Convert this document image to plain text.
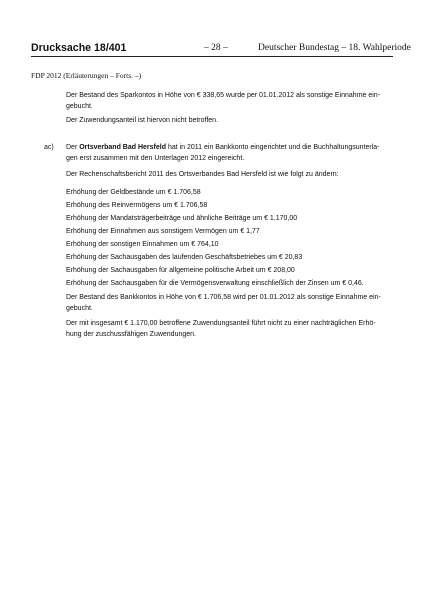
Drucksache 18/401	– 28 –	Deutscher Bundestag – 18. Wahlperiode
FDP 2012 (Erläuterungen – Forts. –)
Der Bestand des Sparkontos in Höhe von € 338,65 wurde per 01.01.2012 als sonstige Einnahme ein-
gebucht.
Der Zuwendungsanteil ist hiervon nicht betroffen.
ac) Der Ortsverband Bad Hersfeld hat in 2011 ein Bankkonto eingerichtet und die Buchhaltungsunterla-
gen erst zusammen mit den Unterlagen 2012 eingereicht.
Der Rechenschaftsbericht 2011 des Ortsverbandes Bad Hersfeld ist wie folgt zu ändern:
Erhöhung der Geldbestände um € 1.706,58
Erhöhung des Reinvermögens um € 1.706,58
Erhöhung der Mandatsträgerbeiträge und ähnliche Beiträge um € 1.170,00
Erhöhung der Einnahmen aus sonstigem Vermögen um € 1,77
Erhöhung der sonstigen Einnahmen um € 764,10
Erhöhung der Sachausgaben des laufenden Geschäftsbetriebes um € 20,83
Erhöhung der Sachausgaben für allgemeine politische Arbeit um € 208,00
Erhöhung der Sachausgaben für die Vermögensverwaltung einschließlich der Zinsen um € 0,46.
Der Bestand des Bankkontos in Höhe von € 1.706,58 wird per 01.01.2012 als sonstige Einnahme ein-
gebucht.
Der mit insgesamt € 1.170,00 betroffene Zuwendungsanteil führt nicht zu einer nachträglichen Erhö-
hung der zuschussfähigen Zuwendungen.
